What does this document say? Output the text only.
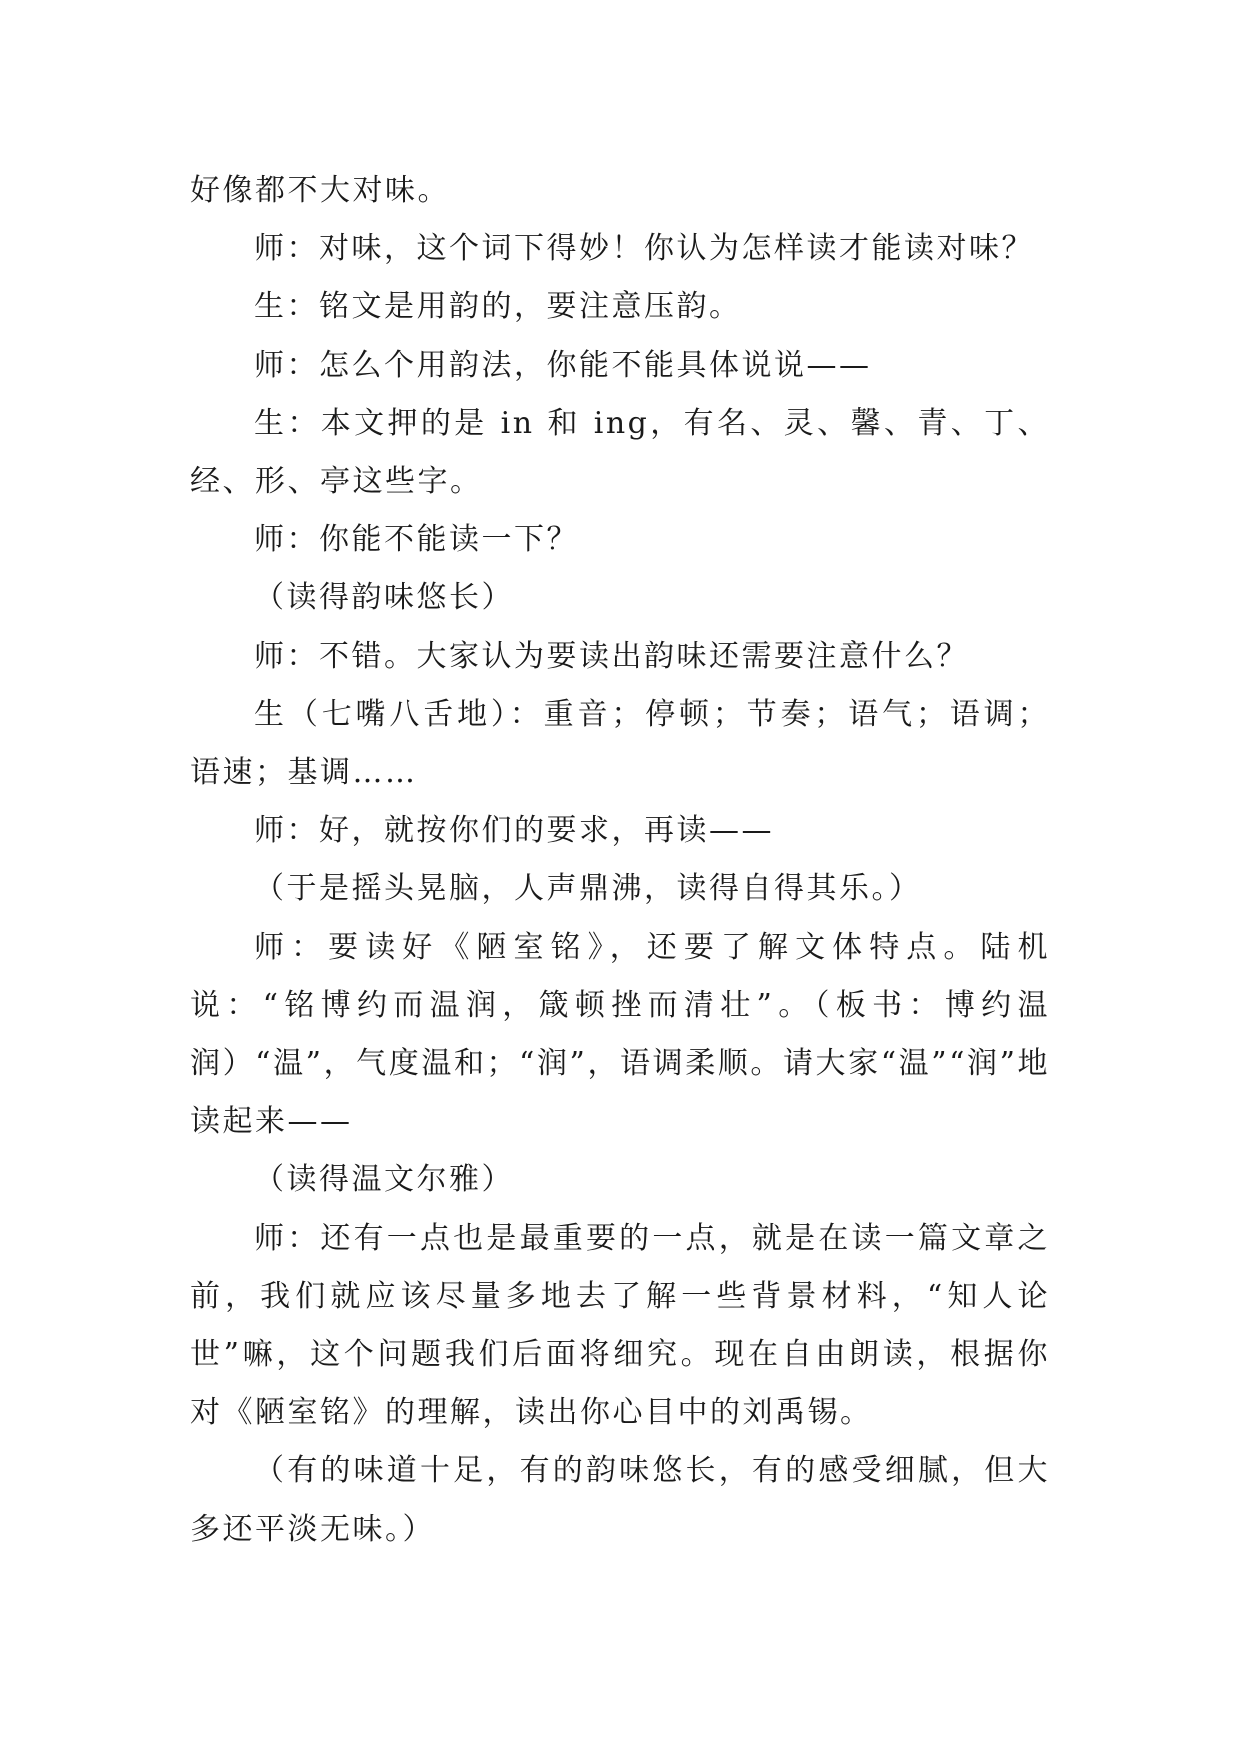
好像都不大对味。

师：对味，这个词下得妙！你认为怎样读才能读对味？

生：铭文是用韵的，要注意压韵。

师：怎么个用韵法，你能不能具体说说——

生：本文押的是 in 和 ing，有名、灵、馨、青、丁、经、形、亭这些字。

师：你能不能读一下？

（读得韵味悠长）

师：不错。大家认为要读出韵味还需要注意什么？

生（七嘴八舌地）：重音；停顿；节奏；语气；语调；语速；基调……

师：好，就按你们的要求，再读——

（于是摇头晃脑，人声鼎沸，读得自得其乐。）

师：要读好《陋室铭》，还要了解文体特点。陆机说：“铭博约而温润，箴顿挫而清壮”。（板书：博约温润）“温”，气度温和；“润”，语调柔顺。请大家“温”“润”地读起来——

（读得温文尔雅）

师：还有一点也是最重要的一点，就是在读一篇文章之前，我们就应该尽量多地去了解一些背景材料，“知人论世”嘛，这个问题我们后面将细究。现在自由朗读，根据你对《陋室铭》的理解，读出你心目中的刘禹锡。

（有的味道十足，有的韵味悠长，有的感受细腻，但大多还平淡无味。）
